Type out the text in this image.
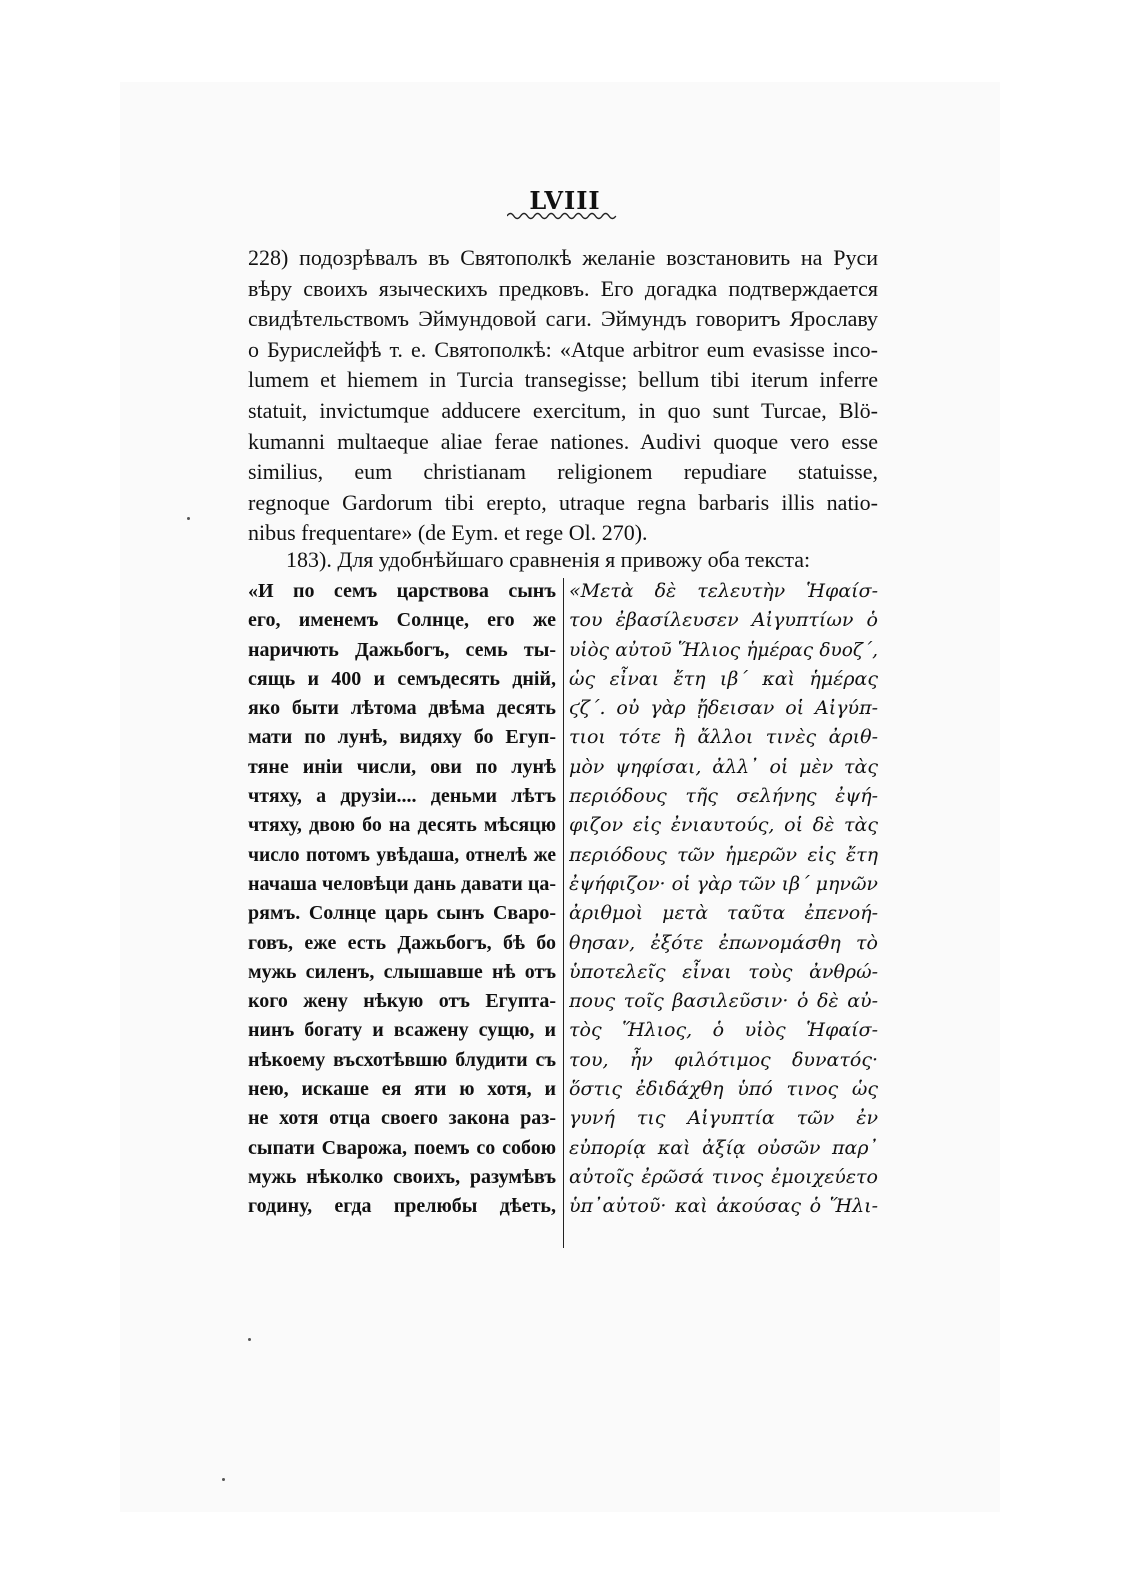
LVIII
228) подозрѣвалъ въ Святополкѣ желаніе возстановить на Руси
вѣру своихъ языческихъ предковъ. Его догадка подтверждается
свидѣтельствомъ Эймундовой саги. Эймундъ говоритъ Ярославу
о Бурислейфѣ т. е. Святополкѣ: «Atque arbitror eum evasisse inco-
lumem et hiemem in Turcia transegisse; bellum tibi iterum inferre
statuit, invictumque adducere exercitum, in quo sunt Turcae, Blö-
kumanni multaeque aliae ferae nationes. Audivi quoque vero esse
similius, eum christianam religionem repudiare statuisse,
regnoque Gardorum tibi erepto, utraque regna barbaris illis natio-
nibus frequentare» (de Eym. et rege Ol. 270).
183). Для удобнѣйшаго сравненія я привожу оба текста:
«И по семъ царствова сынъ
его, именемъ Солнце, его же
наричють Дажьбогъ, семь ты-
сящь и 400 и семъдесять дній,
яко быти лѣтома двѣма десять
мати по лунѣ, видяху бо Егуп-
тяне иніи числи, ови по лунѣ
чтяху, а друзіи.... деньми лѣтъ
чтяху, двою бо на десять мѣсяцю
число потомъ увѣдаша, отнелѣ же
начаша человѣци дань давати ца-
рямъ. Солнце царь сынъ Сваро-
говъ, еже есть Дажьбогъ, бѣ бо
мужь силенъ, слышавше нѣ отъ
кого жену нѣкую отъ Егупта-
нинъ богату и всажену сущю, и
нѣкоему въсхотѣвшю блудити съ
нею, искаше ея яти ю хотя, и
не хотя отца своего закона раз-
сыпати Сварожа, поемъ со собою
мужь нѣколко своихъ, разумѣвъ
годину, егда прелюбы дѣеть,
«Μετὰ δὲ τελευτὴν Ἡφαίσ-
του ἐβασίλευσεν Αἰγυπτίων ὁ
υἱὸς αὐτοῦ Ἥλιος ἡμέρας δυοζ´,
ὡς εἶναι ἔτη ιβ´ καὶ ἡμέρας
ϛζ´. οὐ γὰρ ᾔδεισαν οἱ Αἰγύπ-
τιοι τότε ἢ ἄλλοι τινὲς ἀριθ-
μὸν ψηφίσαι, ἀλλ᾽ οἱ μὲν τὰς
περιόδους τῆς σελήνης ἐψή-
φιζον εἰς ἐνιαυτούς, οἱ δὲ τὰς
περιόδους τῶν ἡμερῶν εἰς ἔτη
ἐψήφιζον· οἱ γὰρ τῶν ιβ´ μηνῶν
ἀριθμοὶ μετὰ ταῦτα ἐπενοή-
θησαν, ἐξότε ἐπωνομάσθη τὸ
ὑποτελεῖς εἶναι τοὺς ἀνθρώ-
πους τοῖς βασιλεῦσιν· ὁ δὲ αὐ-
τὸς Ἥλιος, ὁ υἱὸς Ἡφαίσ-
του, ἦν φιλότιμος δυνατός·
ὅστις ἐδιδάχθη ὑπό τινος ὡς
γυνή τις Αἰγυπτία τῶν ἐν
εὐπορίᾳ καὶ ἀξίᾳ οὐσῶν παρ᾽
αὐτοῖς ἐρῶσά τινος ἐμοιχεύετο
ὑπ᾽αὐτοῦ· καὶ ἀκούσας ὁ Ἥλι-
